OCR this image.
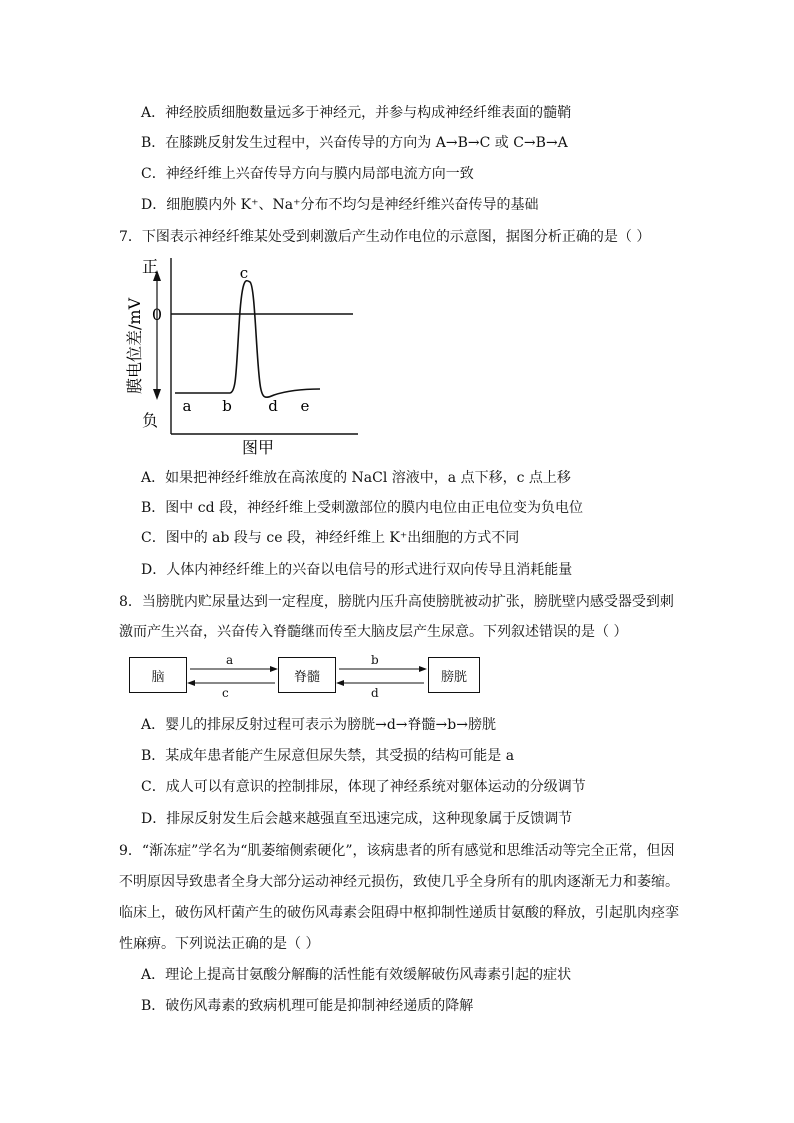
A．神经胶质细胞数量远多于神经元，并参与构成神经纤维表面的髓鞘
B．在膝跳反射发生过程中，兴奋传导的方向为 A→B→C 或 C→B→A
C．神经纤维上兴奋传导方向与膜内局部电流方向一致
D．细胞膜内外 K⁺、Na⁺分布不均匀是神经纤维兴奋传导的基础
7．下图表示神经纤维某处受到刺激后产生动作电位的示意图，据图分析正确的是（ ）
正
0
负
膜电位差/mV
c
a b d e
图甲
A．如果把神经纤维放在高浓度的 NaCl 溶液中，a 点下移，c 点上移
B．图中 cd 段，神经纤维上受刺激部位的膜内电位由正电位变为负电位
C．图中的 ab 段与 ce 段，神经纤维上 K⁺出细胞的方式不同
D．人体内神经纤维上的兴奋以电信号的形式进行双向传导且消耗能量
8．当膀胱内贮尿量达到一定程度，膀胱内压升高使膀胱被动扩张，膀胱壁内感受器受到刺
激而产生兴奋，兴奋传入脊髓继而传至大脑皮层产生尿意。下列叙述错误的是（ ）
脑	脊髓	膀胱
a
c
b
d
A．婴儿的排尿反射过程可表示为膀胱→d→脊髓→b→膀胱
B．某成年患者能产生尿意但尿失禁，其受损的结构可能是 a
C．成人可以有意识的控制排尿，体现了神经系统对躯体运动的分级调节
D．排尿反射发生后会越来越强直至迅速完成，这种现象属于反馈调节
9．“渐冻症”学名为“肌萎缩侧索硬化”，该病患者的所有感觉和思维活动等完全正常，但因
不明原因导致患者全身大部分运动神经元损伤，致使几乎全身所有的肌肉逐渐无力和萎缩。
临床上，破伤风杆菌产生的破伤风毒素会阻碍中枢抑制性递质甘氨酸的释放，引起肌肉痉挛
性麻痹。下列说法正确的是（ ）
A．理论上提高甘氨酸分解酶的活性能有效缓解破伤风毒素引起的症状
B．破伤风毒素的致病机理可能是抑制神经递质的降解
